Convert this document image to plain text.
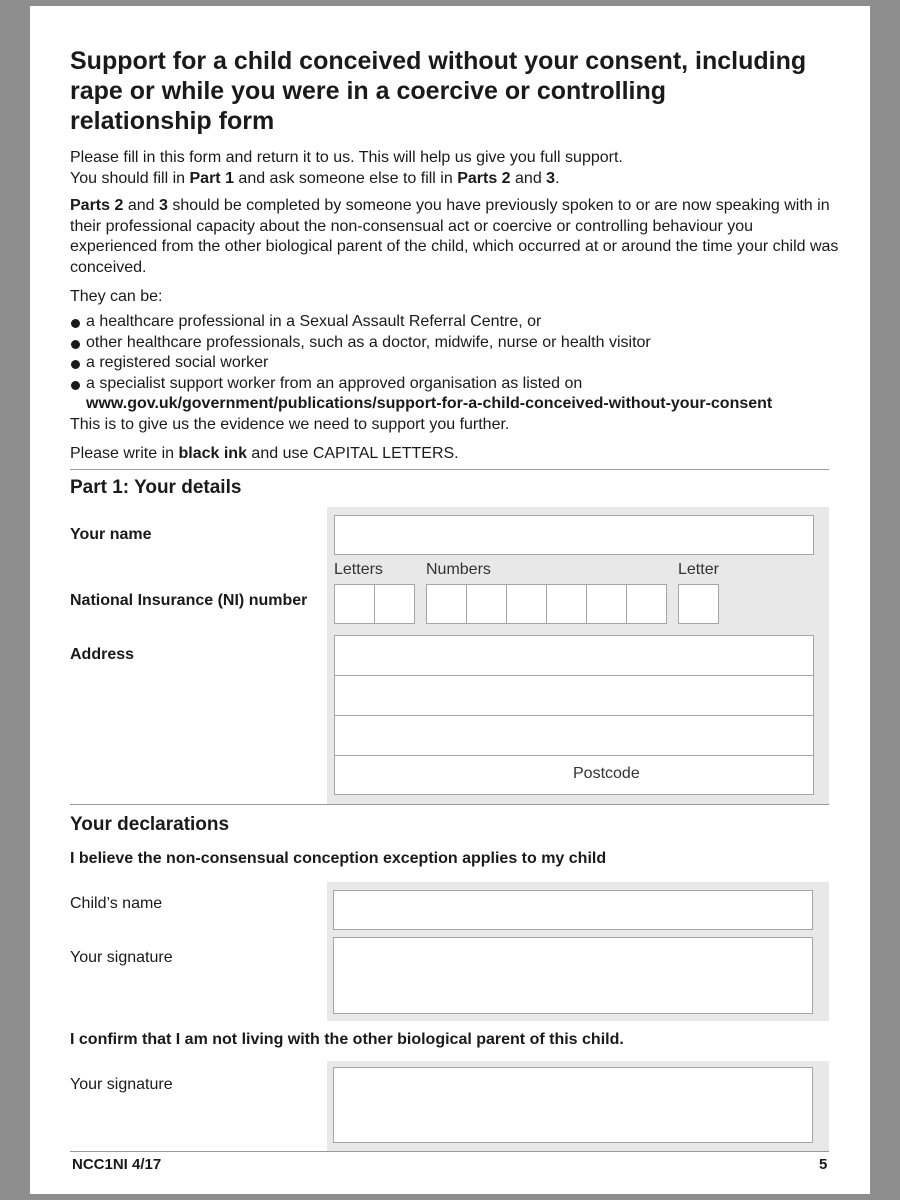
Support for a child conceived without your consent, including rape or while you were in a coercive or controlling relationship form
Please fill in this form and return it to us. This will help us give you full support.
You should fill in Part 1 and ask someone else to fill in Parts 2 and 3.
Parts 2 and 3 should be completed by someone you have previously spoken to or are now speaking with in their professional capacity about the non-consensual act or coercive or controlling behaviour you experienced from the other biological parent of the child, which occurred at or around the time your child was conceived.
They can be:
a healthcare professional in a Sexual Assault Referral Centre, or
other healthcare professionals, such as a doctor, midwife, nurse or health visitor
a registered social worker
a specialist support worker from an approved organisation as listed on
www.gov.uk/government/publications/support-for-a-child-conceived-without-your-consent
This is to give us the evidence we need to support you further.
Please write in black ink and use CAPITAL LETTERS.
Part 1: Your details
Your name
Letters	Numbers	Letter
National Insurance (NI) number
Address
Postcode
Your declarations
I believe the non-consensual conception exception applies to my child
Child’s name
Your signature
I confirm that I am not living with the other biological parent of this child.
Your signature
NCC1NI 4/17	5
